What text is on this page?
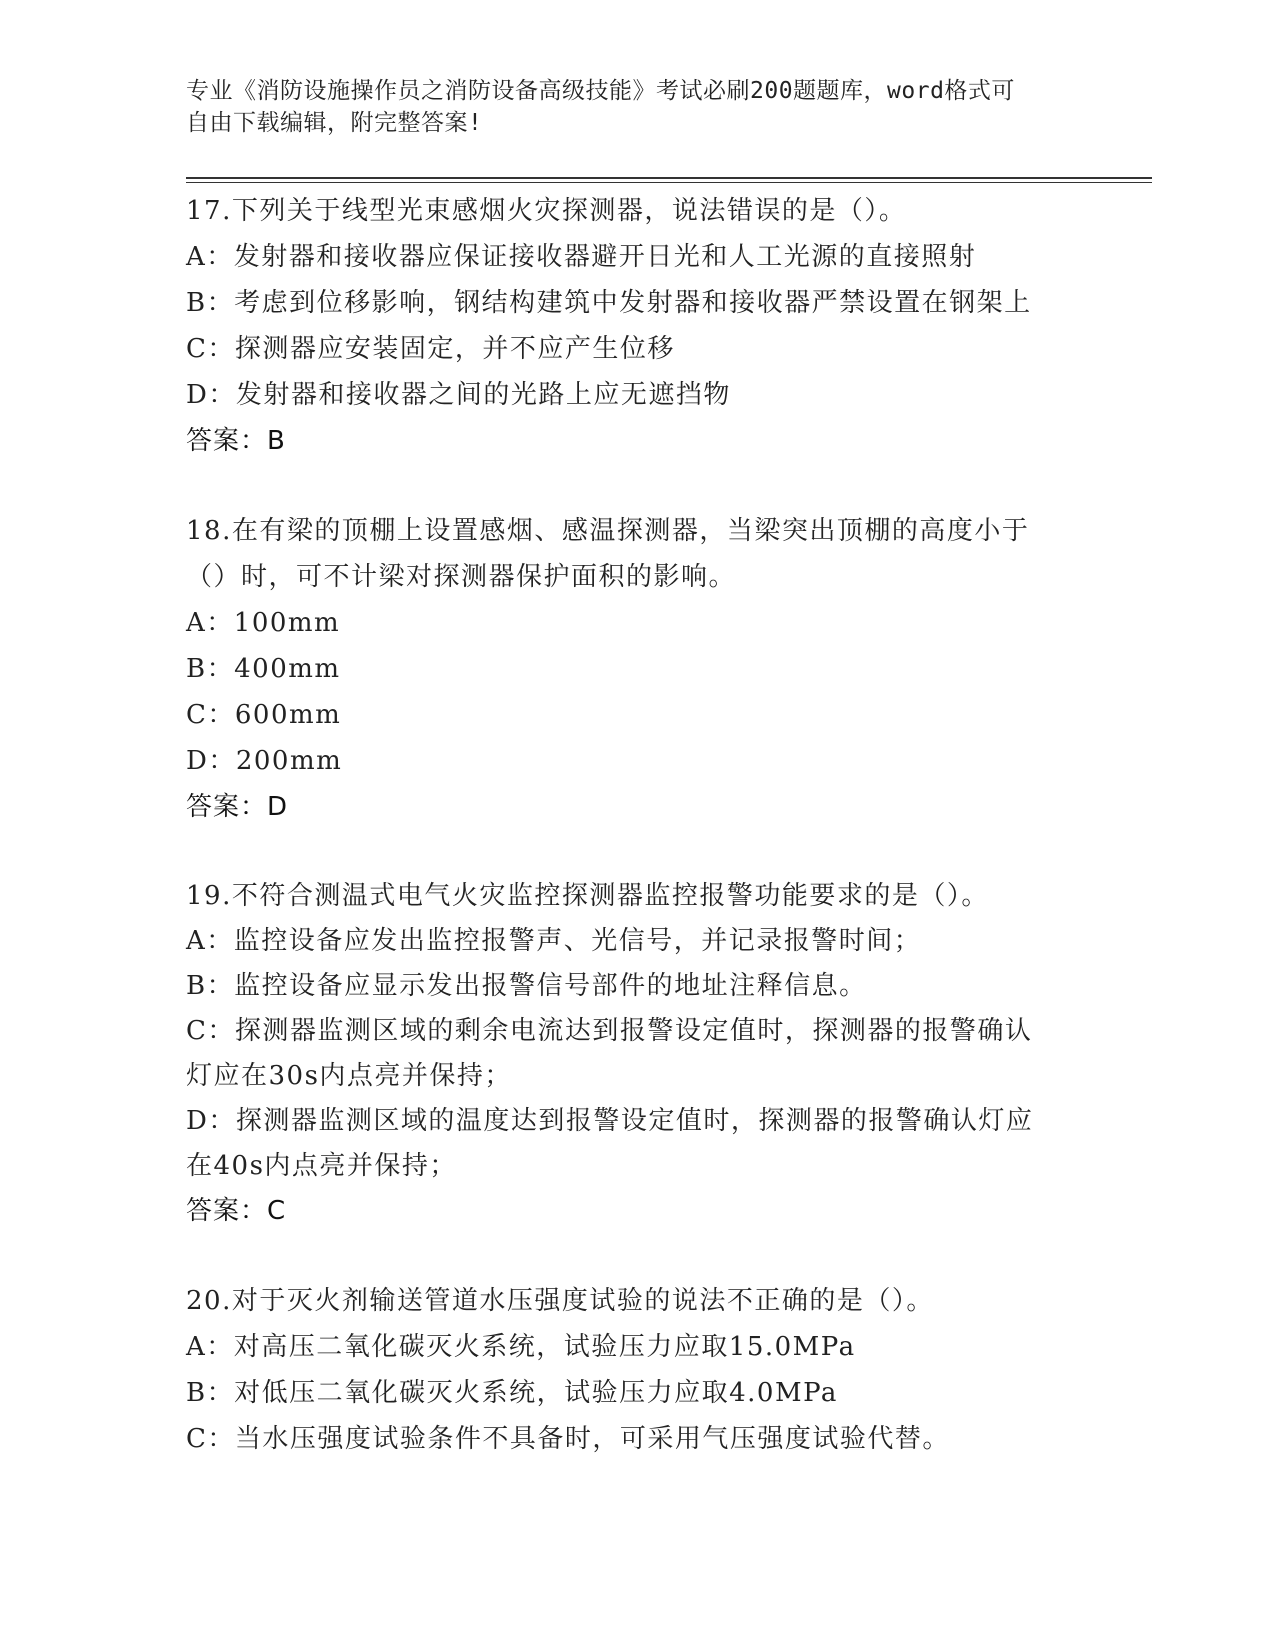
专业《消防设施操作员之消防设备高级技能》考试必刷200题题库，word格式可
自由下载编辑，附完整答案!
17.下列关于线型光束感烟火灾探测器，说法错误的是（）。
A：发射器和接收器应保证接收器避开日光和人工光源的直接照射
B：考虑到位移影响，钢结构建筑中发射器和接收器严禁设置在钢架上
C：探测器应安装固定，并不应产生位移
D：发射器和接收器之间的光路上应无遮挡物
答案：B
18.在有梁的顶棚上设置感烟、感温探测器，当梁突出顶棚的高度小于
（）时，可不计梁对探测器保护面积的影响。
A：100mm
B：400mm
C：600mm
D：200mm
答案：D
19.不符合测温式电气火灾监控探测器监控报警功能要求的是（）。
A：监控设备应发出监控报警声、光信号，并记录报警时间；
B：监控设备应显示发出报警信号部件的地址注释信息。
C：探测器监测区域的剩余电流达到报警设定值时，探测器的报警确认
灯应在30s内点亮并保持；
D：探测器监测区域的温度达到报警设定值时，探测器的报警确认灯应
在40s内点亮并保持；
答案：C
20.对于灭火剂输送管道水压强度试验的说法不正确的是（）。
A：对高压二氧化碳灭火系统，试验压力应取15.0MPa
B：对低压二氧化碳灭火系统，试验压力应取4.0MPa
C：当水压强度试验条件不具备时，可采用气压强度试验代替。
